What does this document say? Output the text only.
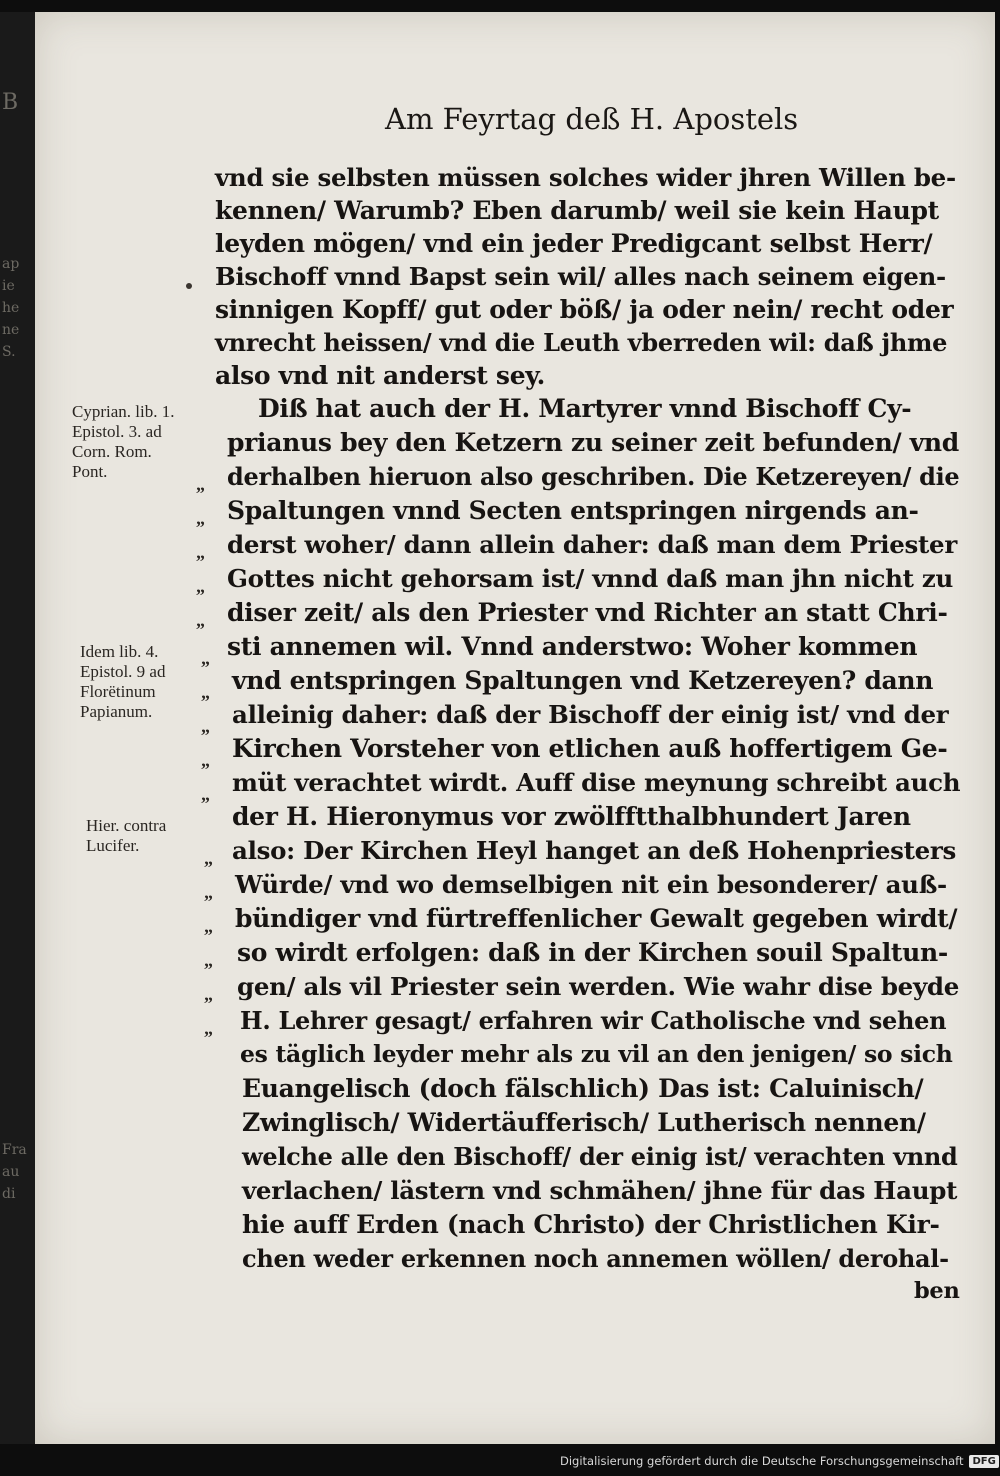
B
ap
ie
he
ne
S.
Fra
au
di
Am Feyrtag deß H. Apostels
vnd sie selbsten müssen solches wider jhren Willen be-
kennen/ Warumb? Eben darumb/ weil sie kein Haupt
leyden mögen/ vnd ein jeder Predigcant selbst Herr/
Bischoff vnnd Bapst sein wil/ alles nach seinem eigen-
sinnigen Kopff/ gut oder böß/ ja oder nein/ recht oder
vnrecht heissen/ vnd die Leuth vberreden wil: daß jhme
also vnd nit anderst sey.
Diß hat auch der H. Martyrer vnnd Bischoff Cy-
prianus bey den Ketzern zu seiner zeit befunden/ vnd
derhalben hieruon also geschriben. Die Ketzereyen/ die
Spaltungen vnnd Secten entspringen nirgends an-
derst woher/ dann allein daher: daß man dem Priester
Gottes nicht gehorsam ist/ vnnd daß man jhn nicht zu
diser zeit/ als den Priester vnd Richter an statt Chri-
sti annemen wil. Vnnd anderstwo: Woher kommen
vnd entspringen Spaltungen vnd Ketzereyen? dann
alleinig daher: daß der Bischoff der einig ist/ vnd der
Kirchen Vorsteher von etlichen auß hoffertigem Ge-
müt verachtet wirdt. Auff dise meynung schreibt auch
der H. Hieronymus vor zwölfftthalbhundert Jaren
also: Der Kirchen Heyl hanget an deß Hohenpriesters
Würde/ vnd wo demselbigen nit ein besonderer/ auß-
bündiger vnd fürtreffenlicher Gewalt gegeben wirdt/
so wirdt erfolgen: daß in der Kirchen souil Spaltun-
gen/ als vil Priester sein werden. Wie wahr dise beyde
H. Lehrer gesagt/ erfahren wir Catholische vnd sehen
es täglich leyder mehr als zu vil an den jenigen/ so sich
Euangelisch (doch fälschlich) Das ist: Caluinisch/
Zwinglisch/ Widertäufferisch/ Lutherisch nennen/
welche alle den Bischoff/ der einig ist/ verachten vnnd
verlachen/ lästern vnd schmähen/ jhne für das Haupt
hie auff Erden (nach Christo) der Christlichen Kir-
chen weder erkennen noch annemen wöllen/ derohal-
ben
Cyprian. lib. 1.
Epistol. 3. ad
Corn. Rom.
Pont.
Idem lib. 4.
Epistol. 9 ad
Florëtinum
Papianum.
Hier. contra
Lucifer.
„
„
„
„
„
„
„
„
„
„
„
„
„
„
„
„
Digitalisierung gefördert durch die Deutsche Forschungsgemeinschaft DFG
